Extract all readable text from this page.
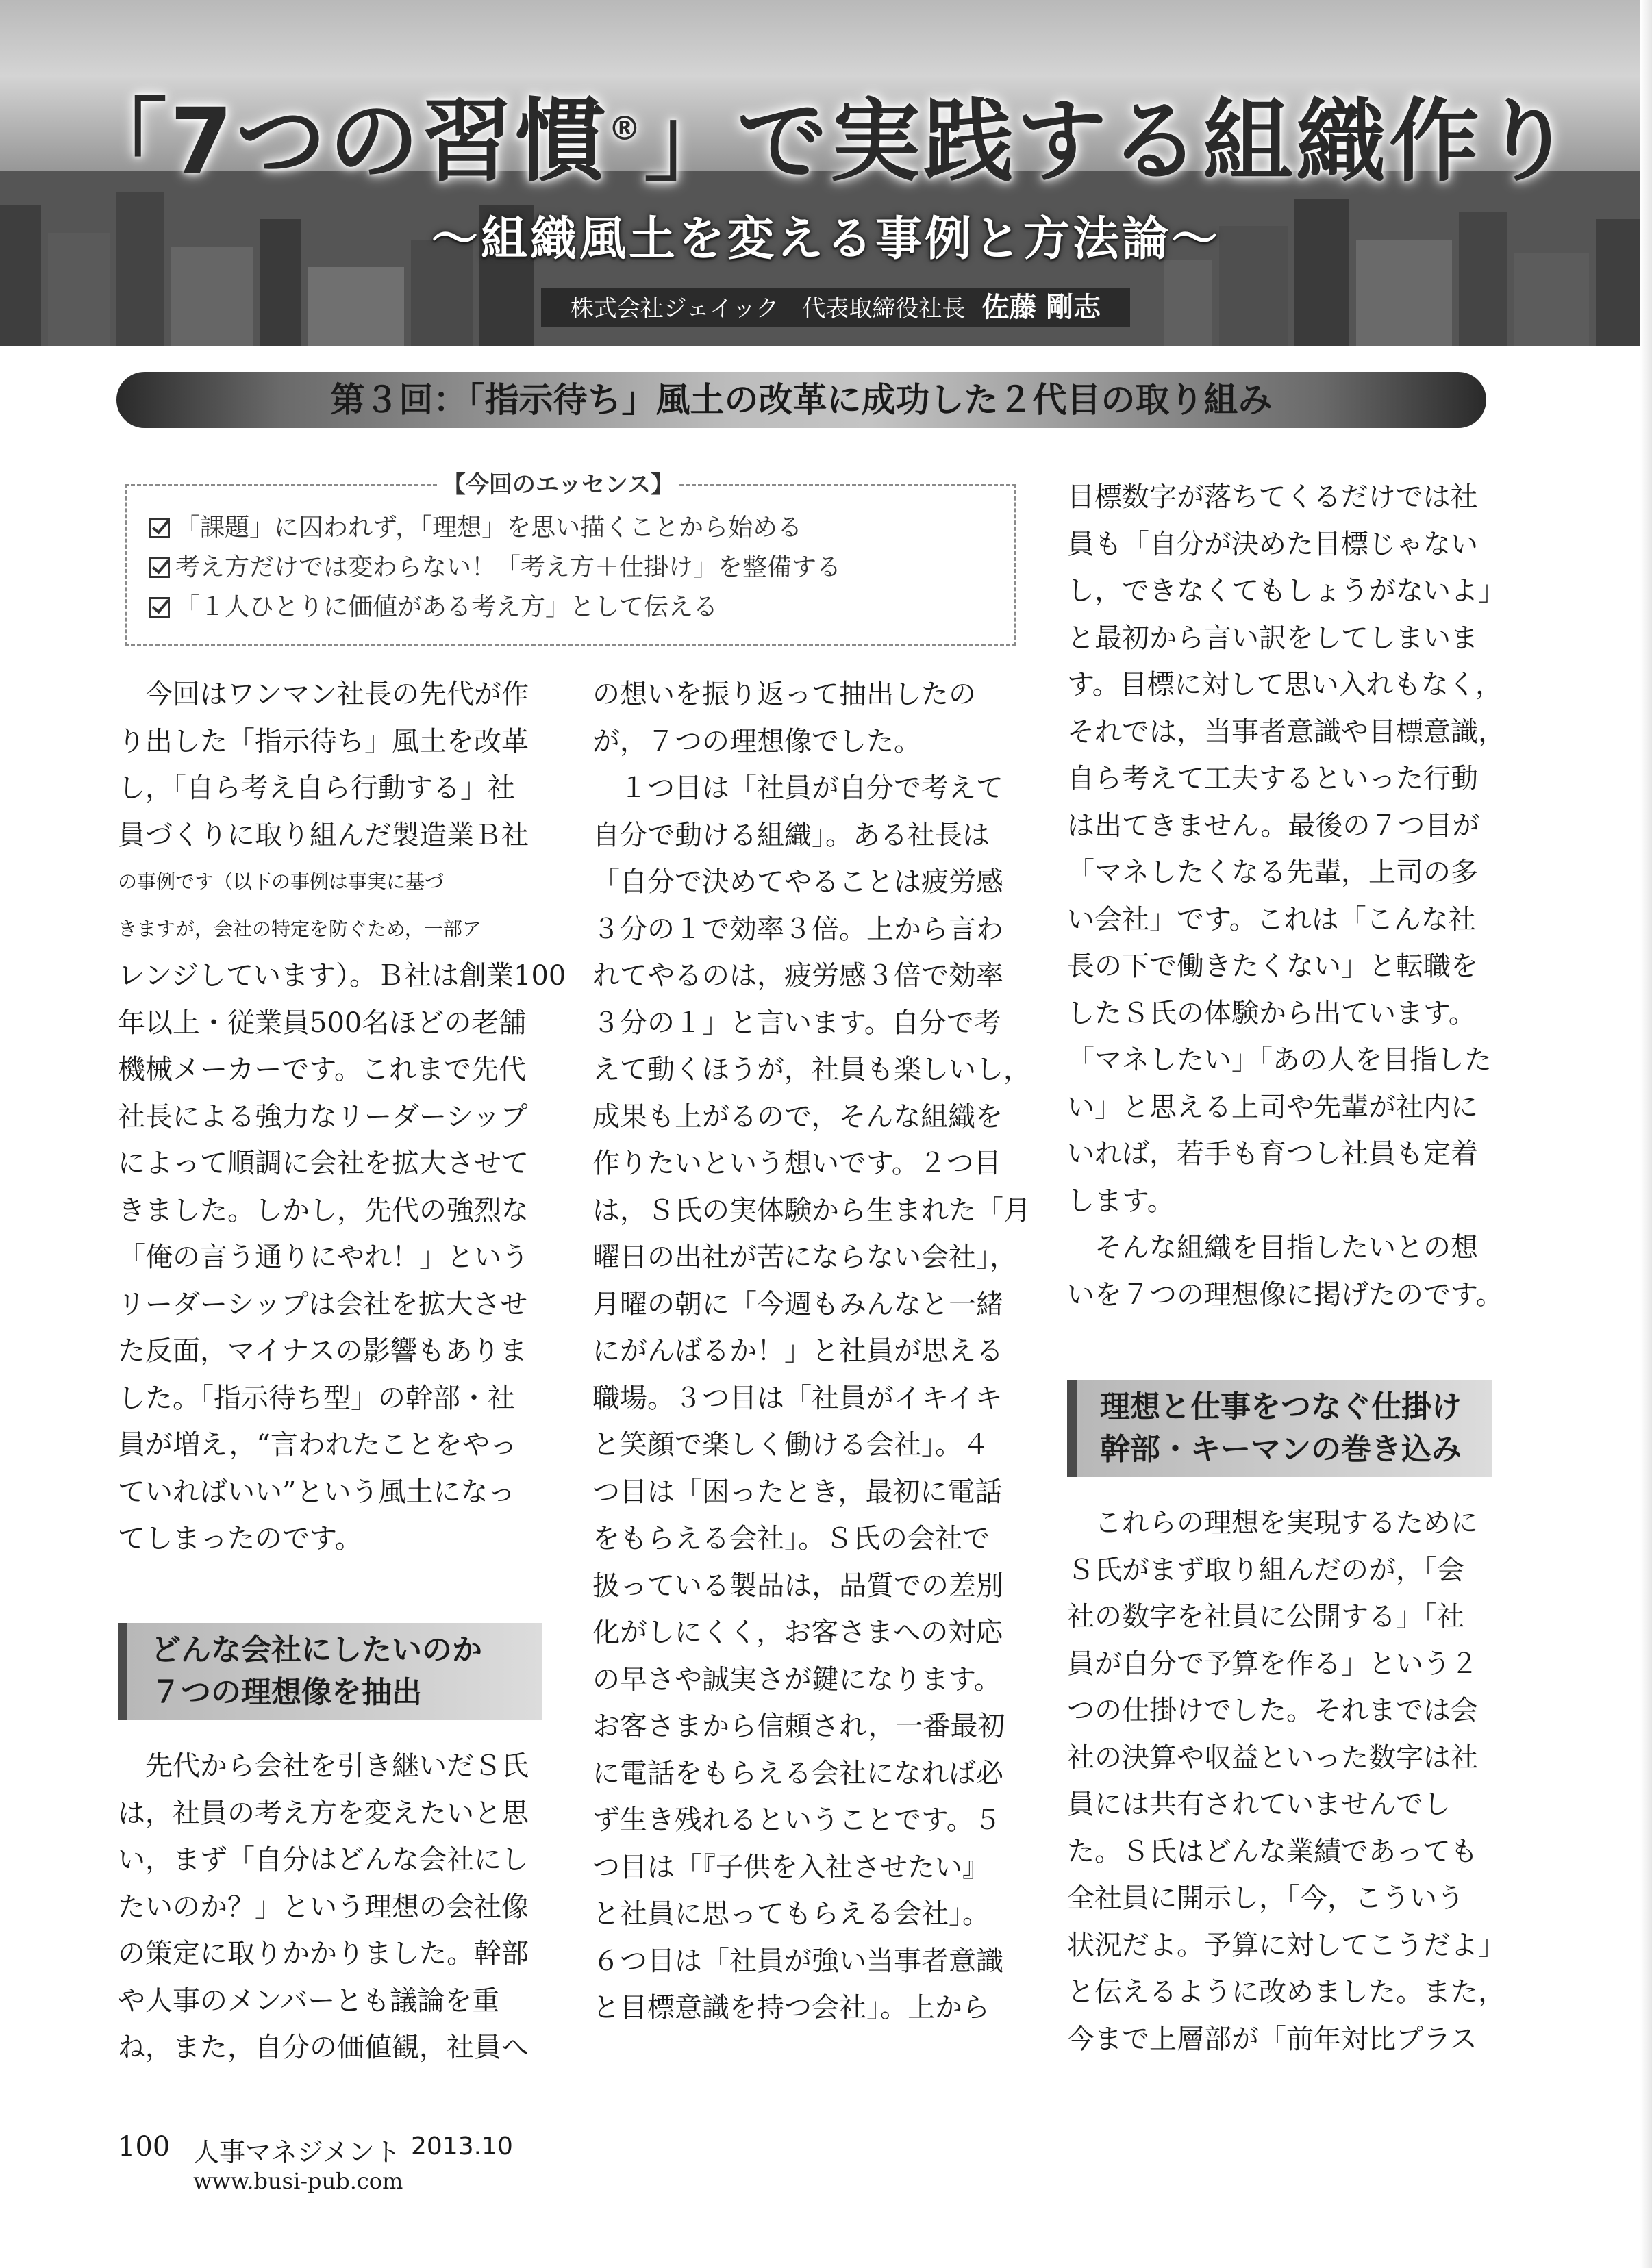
「7つの習慣®」で実践する組織作り
～組織風土を変える事例と方法論～
株式会社ジェイック　代表取締役社長 佐藤 剛志
第３回：「指示待ち」風土の改革に成功した２代目の取り組み
【今回のエッセンス】
「課題」に囚われず，「理想」を思い描くことから始める
考え方だけでは変わらない！「考え方＋仕掛け」を整備する
「１人ひとりに価値がある考え方」として伝える
　今回はワンマン社長の先代が作
り出した「指示待ち」風土を改革
し，「自ら考え自ら行動する」社
員づくりに取り組んだ製造業Ｂ社
の事例です（以下の事例は事実に基づ
きますが，会社の特定を防ぐため，一部ア
レンジしています）。Ｂ社は創業100
年以上・従業員500名ほどの老舗
機械メーカーです。これまで先代
社長による強力なリーダーシップ
によって順調に会社を拡大させて
きました。しかし，先代の強烈な
「俺の言う通りにやれ！」という
リーダーシップは会社を拡大させ
た反面，マイナスの影響もありま
した。「指示待ち型」の幹部・社
員が増え，“言われたことをやっ
ていればいい”という風土になっ
てしまったのです。
どんな会社にしたいのか
７つの理想像を抽出
　先代から会社を引き継いだＳ氏
は，社員の考え方を変えたいと思
い，まず「自分はどんな会社にし
たいのか？」という理想の会社像
の策定に取りかかりました。幹部
や人事のメンバーとも議論を重
ね，また，自分の価値観，社員へ
の想いを振り返って抽出したの
が，７つの理想像でした。
　１つ目は「社員が自分で考えて
自分で動ける組織」。ある社長は
「自分で決めてやることは疲労感
３分の１で効率３倍。上から言わ
れてやるのは，疲労感３倍で効率
３分の１」と言います。自分で考
えて動くほうが，社員も楽しいし，
成果も上がるので，そんな組織を
作りたいという想いです。２つ目
は，Ｓ氏の実体験から生まれた「月
曜日の出社が苦にならない会社」，
月曜の朝に「今週もみんなと一緒
にがんばるか！」と社員が思える
職場。３つ目は「社員がイキイキ
と笑顔で楽しく働ける会社」。４
つ目は「困ったとき，最初に電話
をもらえる会社」。Ｓ氏の会社で
扱っている製品は，品質での差別
化がしにくく，お客さまへの対応
の早さや誠実さが鍵になります。
お客さまから信頼され，一番最初
に電話をもらえる会社になれば必
ず生き残れるということです。５
つ目は「『子供を入社させたい』
と社員に思ってもらえる会社」。
６つ目は「社員が強い当事者意識
と目標意識を持つ会社」。上から
目標数字が落ちてくるだけでは社
員も「自分が決めた目標じゃない
し，できなくてもしょうがないよ」
と最初から言い訳をしてしまいま
す。目標に対して思い入れもなく，
それでは，当事者意識や目標意識，
自ら考えて工夫するといった行動
は出てきません。最後の７つ目が
「マネしたくなる先輩，上司の多
い会社」です。これは「こんな社
長の下で働きたくない」と転職を
したＳ氏の体験から出ています。
「マネしたい」「あの人を目指した
い」と思える上司や先輩が社内に
いれば，若手も育つし社員も定着
します。
　そんな組織を目指したいとの想
いを７つの理想像に掲げたのです。
理想と仕事をつなぐ仕掛け
幹部・キーマンの巻き込み
　これらの理想を実現するために
Ｓ氏がまず取り組んだのが，「会
社の数字を社員に公開する」「社
員が自分で予算を作る」という２
つの仕掛けでした。それまでは会
社の決算や収益といった数字は社
員には共有されていませんでし
た。Ｓ氏はどんな業績であっても
全社員に開示し，「今，こういう
状況だよ。予算に対してこうだよ」
と伝えるように改めました。また，
今まで上層部が「前年対比プラス
100 人事マネジメント 2013.10
www.busi-pub.com
